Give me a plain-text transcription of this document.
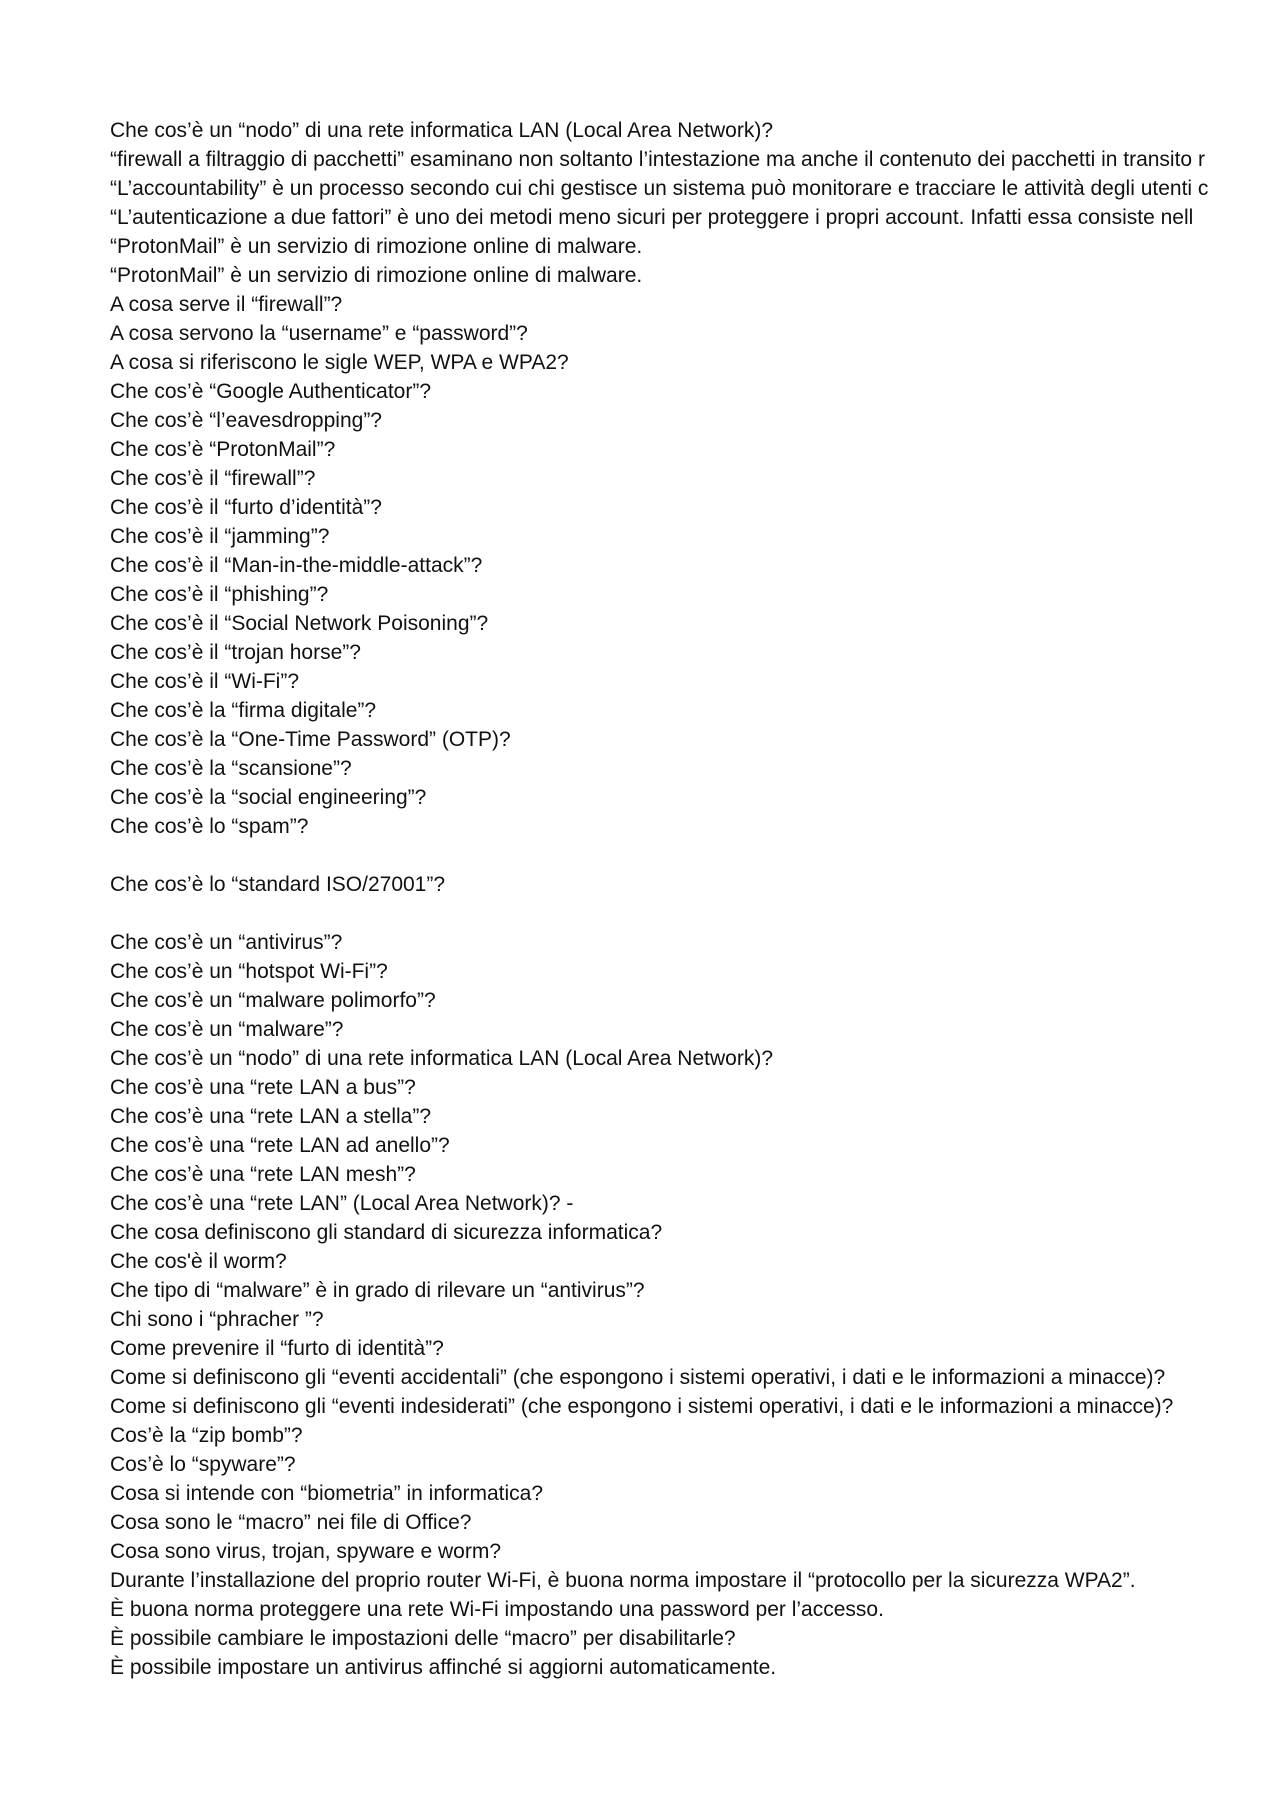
Che cos’è un “nodo” di una rete informatica LAN (Local Area Network)?
“firewall a filtraggio di pacchetti” esaminano non soltanto l’intestazione ma anche il contenuto dei pacchetti in transito r
“L’accountability” è un processo secondo cui chi gestisce un sistema può monitorare e tracciare le attività degli utenti c
“L’autenticazione a due fattori” è uno dei metodi meno sicuri per proteggere i propri account. Infatti essa consiste nell
“ProtonMail” è un servizio di rimozione online di malware.
“ProtonMail” è un servizio di rimozione online di malware.
A cosa serve il “firewall”?
A cosa servono la “username” e “password”?
A cosa si riferiscono le sigle WEP, WPA e WPA2?
Che cos’è “Google Authenticator”?
Che cos’è “l’eavesdropping”?
Che cos’è “ProtonMail”?
Che cos’è il “firewall”?
Che cos’è il “furto d’identità”?
Che cos’è il “jamming”?
Che cos’è il “Man-in-the-middle-attack”?
Che cos’è il “phishing”?
Che cos’è il “Social Network Poisoning”?
Che cos’è il “trojan horse”?
Che cos’è il “Wi-Fi”?
Che cos’è la “firma digitale”?
Che cos’è la “One-Time Password” (OTP)?
Che cos’è la “scansione”?
Che cos’è la “social engineering”?
Che cos’è lo “spam”?
Che cos’è lo “standard ISO/27001”?
Che cos’è un “antivirus”?
Che cos’è un “hotspot Wi-Fi”?
Che cos’è un “malware polimorfo”?
Che cos’è un “malware”?
Che cos’è un “nodo” di una rete informatica LAN (Local Area Network)?
Che cos’è una “rete LAN a bus”?
Che cos’è una “rete LAN a stella”?
Che cos’è una “rete LAN ad anello”?
Che cos’è una “rete LAN mesh”?
Che cos’è una “rete LAN” (Local Area Network)? -
Che cosa definiscono gli standard di sicurezza informatica?
Che cos'è il worm?
Che tipo di “malware” è in grado di rilevare un “antivirus”?
Chi sono i “phracher ”?
Come prevenire il “furto di identità”?
Come si definiscono gli “eventi accidentali” (che espongono i sistemi operativi, i dati e le informazioni a minacce)?
Come si definiscono gli “eventi indesiderati” (che espongono i sistemi operativi, i dati e le informazioni a minacce)?
Cos’è la “zip bomb”?
Cos’è lo “spyware”?
Cosa si intende con “biometria” in informatica?
Cosa sono le “macro” nei file di Office?
Cosa sono virus, trojan, spyware e worm?
Durante l’installazione del proprio router Wi-Fi, è buona norma impostare il “protocollo per la sicurezza WPA2”.
È buona norma proteggere una rete Wi-Fi impostando una password per l’accesso.
È possibile cambiare le impostazioni delle “macro” per disabilitarle?
È possibile impostare un antivirus affinché si aggiorni automaticamente.
